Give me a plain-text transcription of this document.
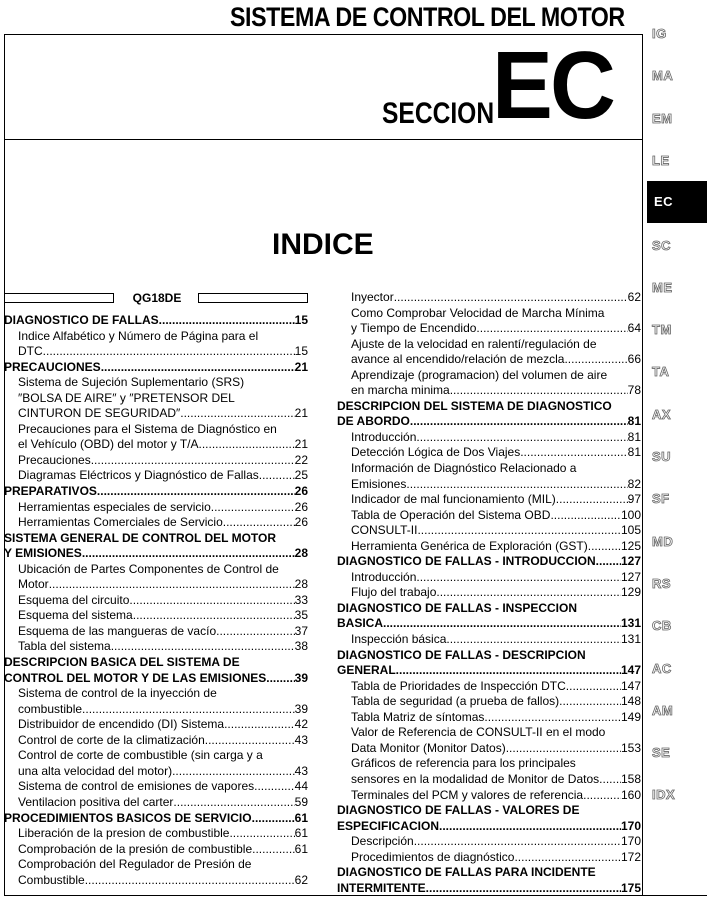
SISTEMA DE CONTROL DEL MOTOR
SECCION
EC
INDICE
QG18DE
DIAGNOSTICO DE FALLAS .....	15
Indice Alfabético y Número de Página para el
DTC .....	15
PRECAUCIONES .....	21
Sistema de Sujeción Suplementario (SRS)
″BOLSA DE AIRE″ y ″PRETENSOR DEL
CINTURON DE SEGURIDAD″ .....	21
Precauciones para el Sistema de Diagnóstico en
el Vehículo (OBD) del motor y T/A .....	21
Precauciones .....	22
Diagramas Eléctricos y Diagnóstico de Fallas .....	25
PREPARATIVOS .....	26
Herramientas especiales de servicio .....	26
Herramientas Comerciales de Servicio .....	26
SISTEMA GENERAL DE CONTROL DEL MOTOR
Y EMISIONES .....	28
Ubicación de Partes Componentes de Control de
Motor .....	28
Esquema del circuito .....	33
Esquema del sistema .....	35
Esquema de las mangueras de vacío .....	37
Tabla del sistema .....	38
DESCRIPCION BASICA DEL SISTEMA DE
CONTROL DEL MOTOR Y DE LAS EMISIONES ..... 39
Sistema de control de la inyección de
combustible .....	39
Distribuidor de encendido (DI) Sistema .....	42
Control de corte de la climatización .....	43
Control de corte de combustible (sin carga y a
una alta velocidad del motor) .....	43
Sistema de control de emisiones de vapores .....	44
Ventilacion positiva del carter .....	59
PROCEDIMIENTOS BASICOS DE SERVICIO .....	61
Liberación de la presion de combustible .....	61
Comprobación de la presión de combustible .....	61
Comprobación del Regulador de Presión de
Combustible .....	62
Inyector .....	62
Como Comprobar Velocidad de Marcha Mínima
y Tiempo de Encendido .....	64
Ajuste de la velocidad en ralentí/regulación de
avance al encendido/relación de mezcla .....	66
Aprendizaje (programacion) del volumen de aire
en marcha minima .....	78
DESCRIPCION DEL SISTEMA DE DIAGNOSTICO
DE ABORDO .....	81
Introducción .....	81
Detección Lógica de Dos Viajes .....	81
Información de Diagnóstico Relacionado a
Emisiones .....	82
Indicador de mal funcionamiento (MIL) .....	97
Tabla de Operación del Sistema OBD .....	100
CONSULT-II .....	105
Herramienta Genérica de Exploración (GST) .....	125
DIAGNOSTICO DE FALLAS - INTRODUCCION ..... 127
Introducción .....	127
Flujo del trabajo .....	129
DIAGNOSTICO DE FALLAS - INSPECCION
BASICA .....	131
Inspección básica .....	131
DIAGNOSTICO DE FALLAS - DESCRIPCION
GENERAL .....	147
Tabla de Prioridades de Inspección DTC .....	147
Tabla de seguridad (a prueba de fallos) .....	148
Tabla Matriz de síntomas .....	149
Valor de Referencia de CONSULT-II en el modo
Data Monitor (Monitor Datos) .....	153
Gráficos de referencia para los principales
sensores en la modalidad de Monitor de Datos ..... 158
Terminales del PCM y valores de referencia .....	160
DIAGNOSTICO DE FALLAS - VALORES DE
ESPECIFICACION .....	170
Descripción .....	170
Procedimientos de diagnóstico .....	172
DIAGNOSTICO DE FALLAS PARA INCIDENTE
INTERMITENTE .....	175
IG
MA
EM
LE
EC
SC
ME
TM
TA
AX
SU
SF
MD
RS
CB
AC
AM
SE
IDX
